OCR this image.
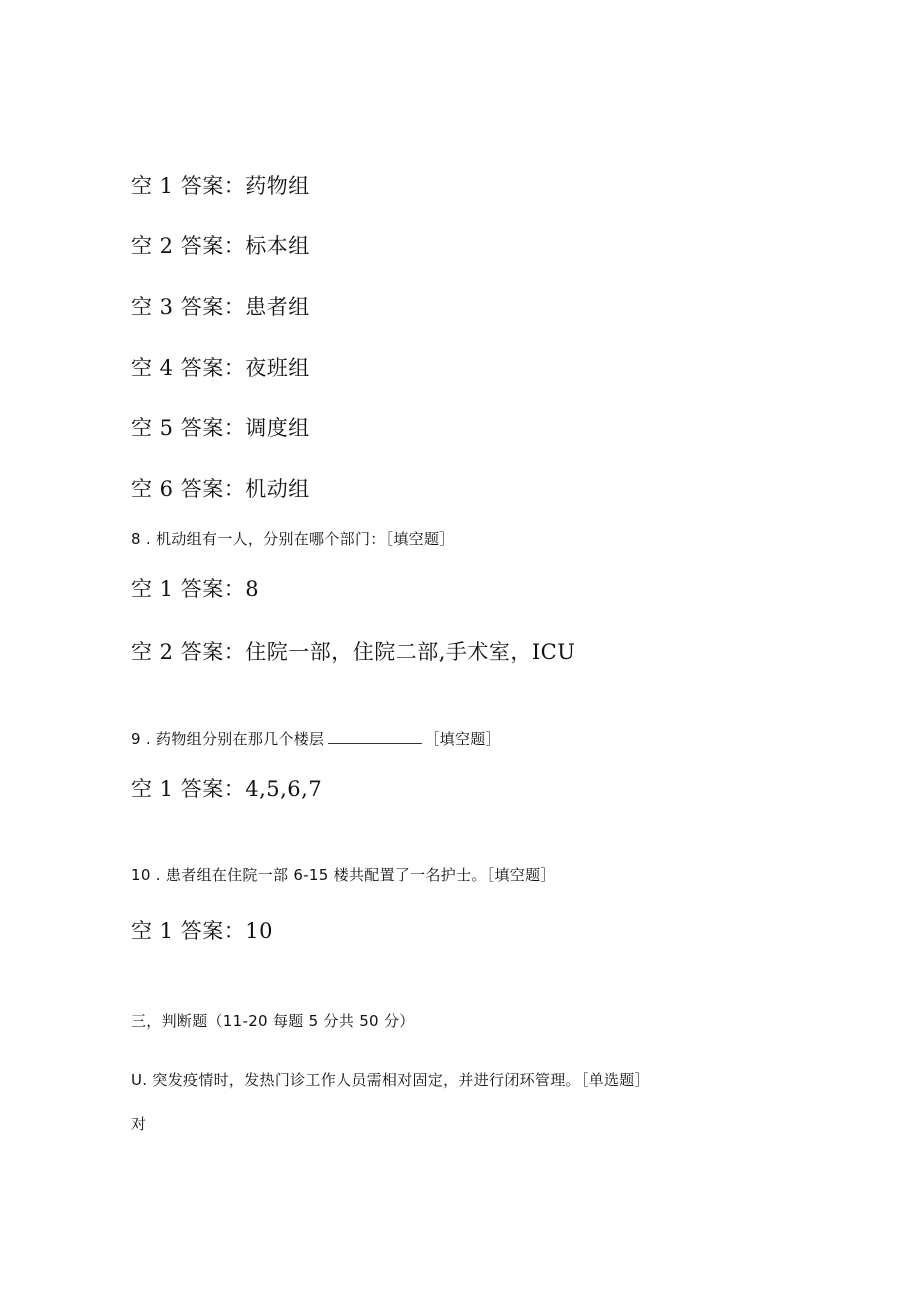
空 1 答案：药物组
空 2 答案：标本组
空 3 答案：患者组
空 4 答案：夜班组
空 5 答案：调度组
空 6 答案：机动组
8 . 机动组有一人，分别在哪个部门：［填空题］
空 1 答案：8
空 2 答案：住院一部，住院二部,手术室，ICU
9 . 药物组分别在那几个楼层	［填空题］
空 1 答案：4,5,6,7
10 . 患者组在住院一部 6-15 楼共配置了一名护士。［填空题］
空 1 答案：10
三，判断题（11-20 每题 5 分共 50 分）
U. 突发疫情时，发热门诊工作人员需相对固定，并进行闭环管理。［单选题］
对
